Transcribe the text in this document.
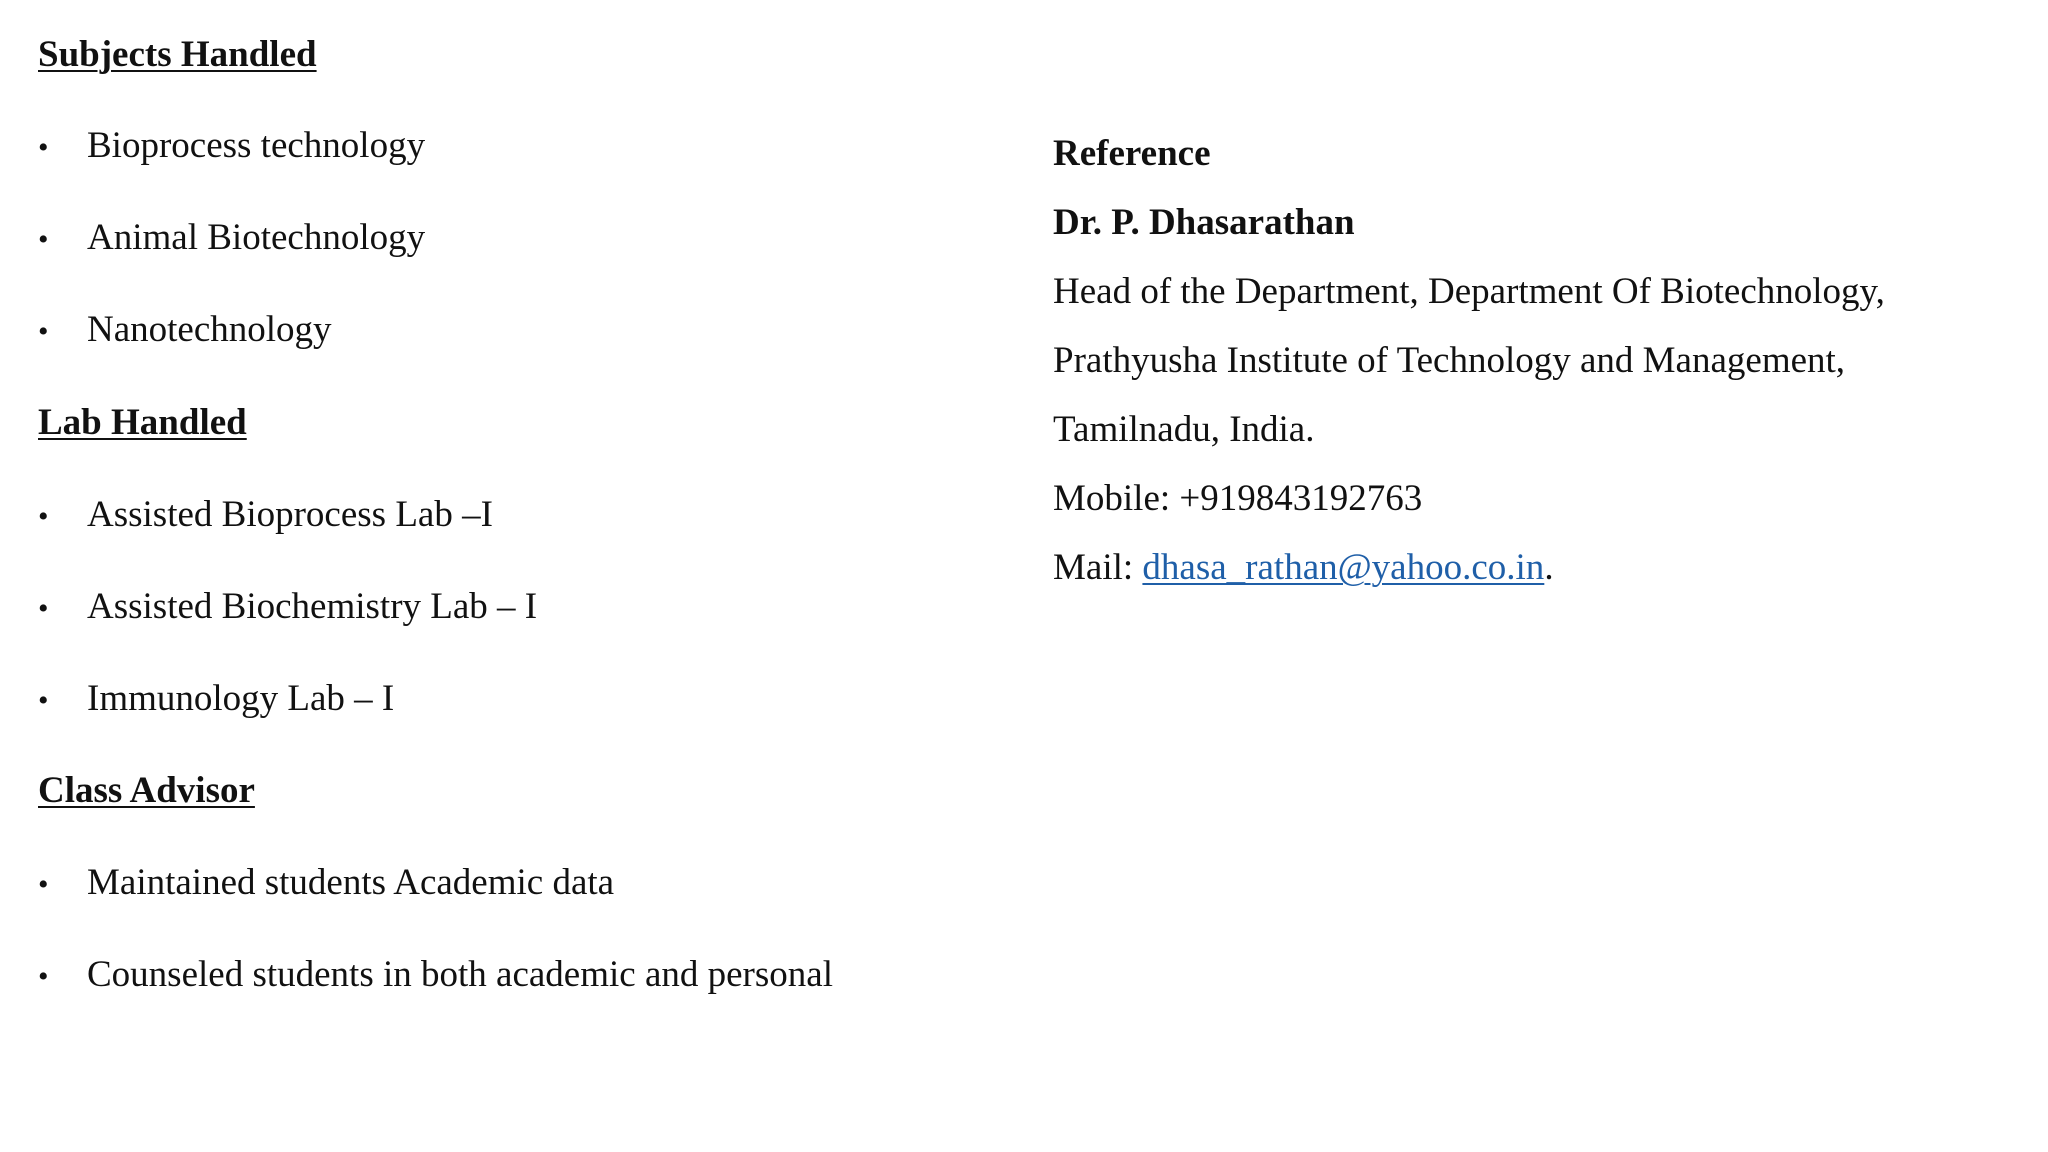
Subjects Handled
• Bioprocess technology
• Animal Biotechnology
• Nanotechnology
Lab Handled
• Assisted Bioprocess Lab –I
• Assisted Biochemistry Lab – I
• Immunology Lab – I
Class Advisor
• Maintained students Academic data
• Counseled students in both academic and personal
Reference
Dr. P. Dhasarathan
Head of the Department, Department Of Biotechnology,
Prathyusha Institute of Technology and Management,
Tamilnadu, India.
Mobile: +919843192763
Mail: dhasa_rathan@yahoo.co.in.
